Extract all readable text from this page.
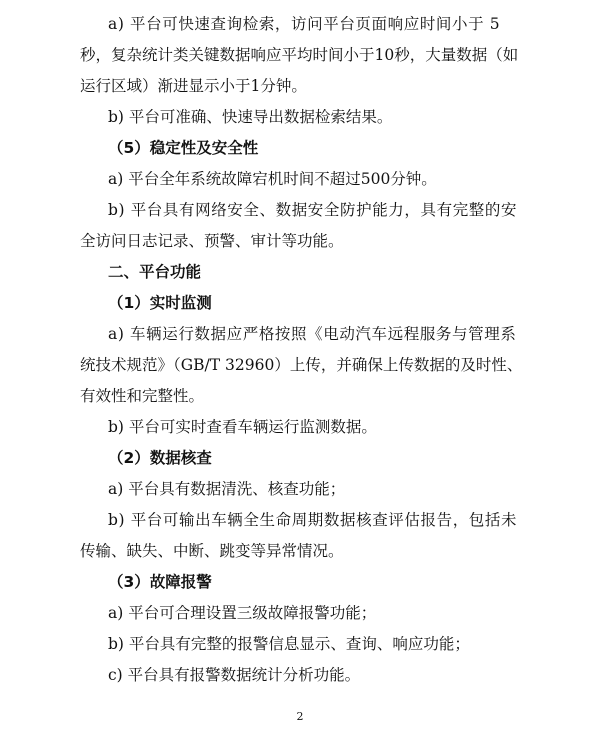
a) 平台可快速查询检索，访问平台页面响应时间小于 5
秒，复杂统计类关键数据响应平均时间小于10秒，大量数据（如
运行区域）渐进显示小于1分钟。
b) 平台可准确、快速导出数据检索结果。
（5）稳定性及安全性
a) 平台全年系统故障宕机时间不超过500分钟。
b) 平台具有网络安全、数据安全防护能力，具有完整的安
全访问日志记录、预警、审计等功能。
二、平台功能
（1）实时监测
a) 车辆运行数据应严格按照《电动汽车远程服务与管理系
统技术规范》（GB/T 32960）上传，并确保上传数据的及时性、
有效性和完整性。
b) 平台可实时查看车辆运行监测数据。
（2）数据核查
a) 平台具有数据清洗、核查功能；
b) 平台可输出车辆全生命周期数据核查评估报告，包括未
传输、缺失、中断、跳变等异常情况。
（3）故障报警
a) 平台可合理设置三级故障报警功能；
b) 平台具有完整的报警信息显示、查询、响应功能；
c) 平台具有报警数据统计分析功能。
2
